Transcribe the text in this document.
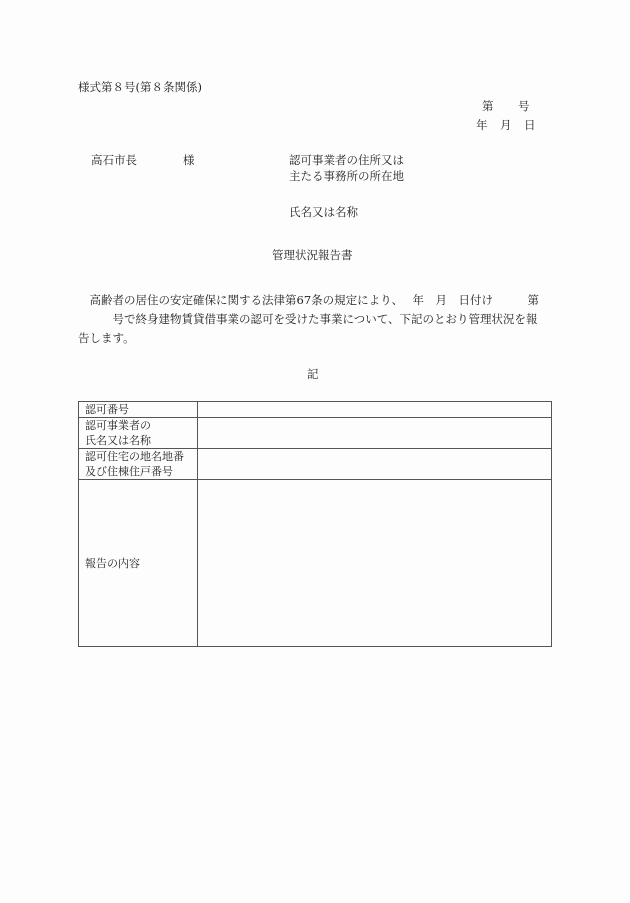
様式第８号(第８条関係)
第 号
年 月 日
高石市長	様	認可事業者の住所又は
主たる事務所の所在地
氏名又は名称
管理状況報告書
　高齢者の居住の安定確保に関する法律第67条の規定により、　 年　月　日付け　　　第
　　　号で終身建物賃貸借事業の認可を受けた事業について、下記のとおり管理状況を報
告します。
記
認可番号	
認可事業者の
氏名又は名称	
認可住宅の地名地番
及び住棟住戸番号	
報告の内容	
